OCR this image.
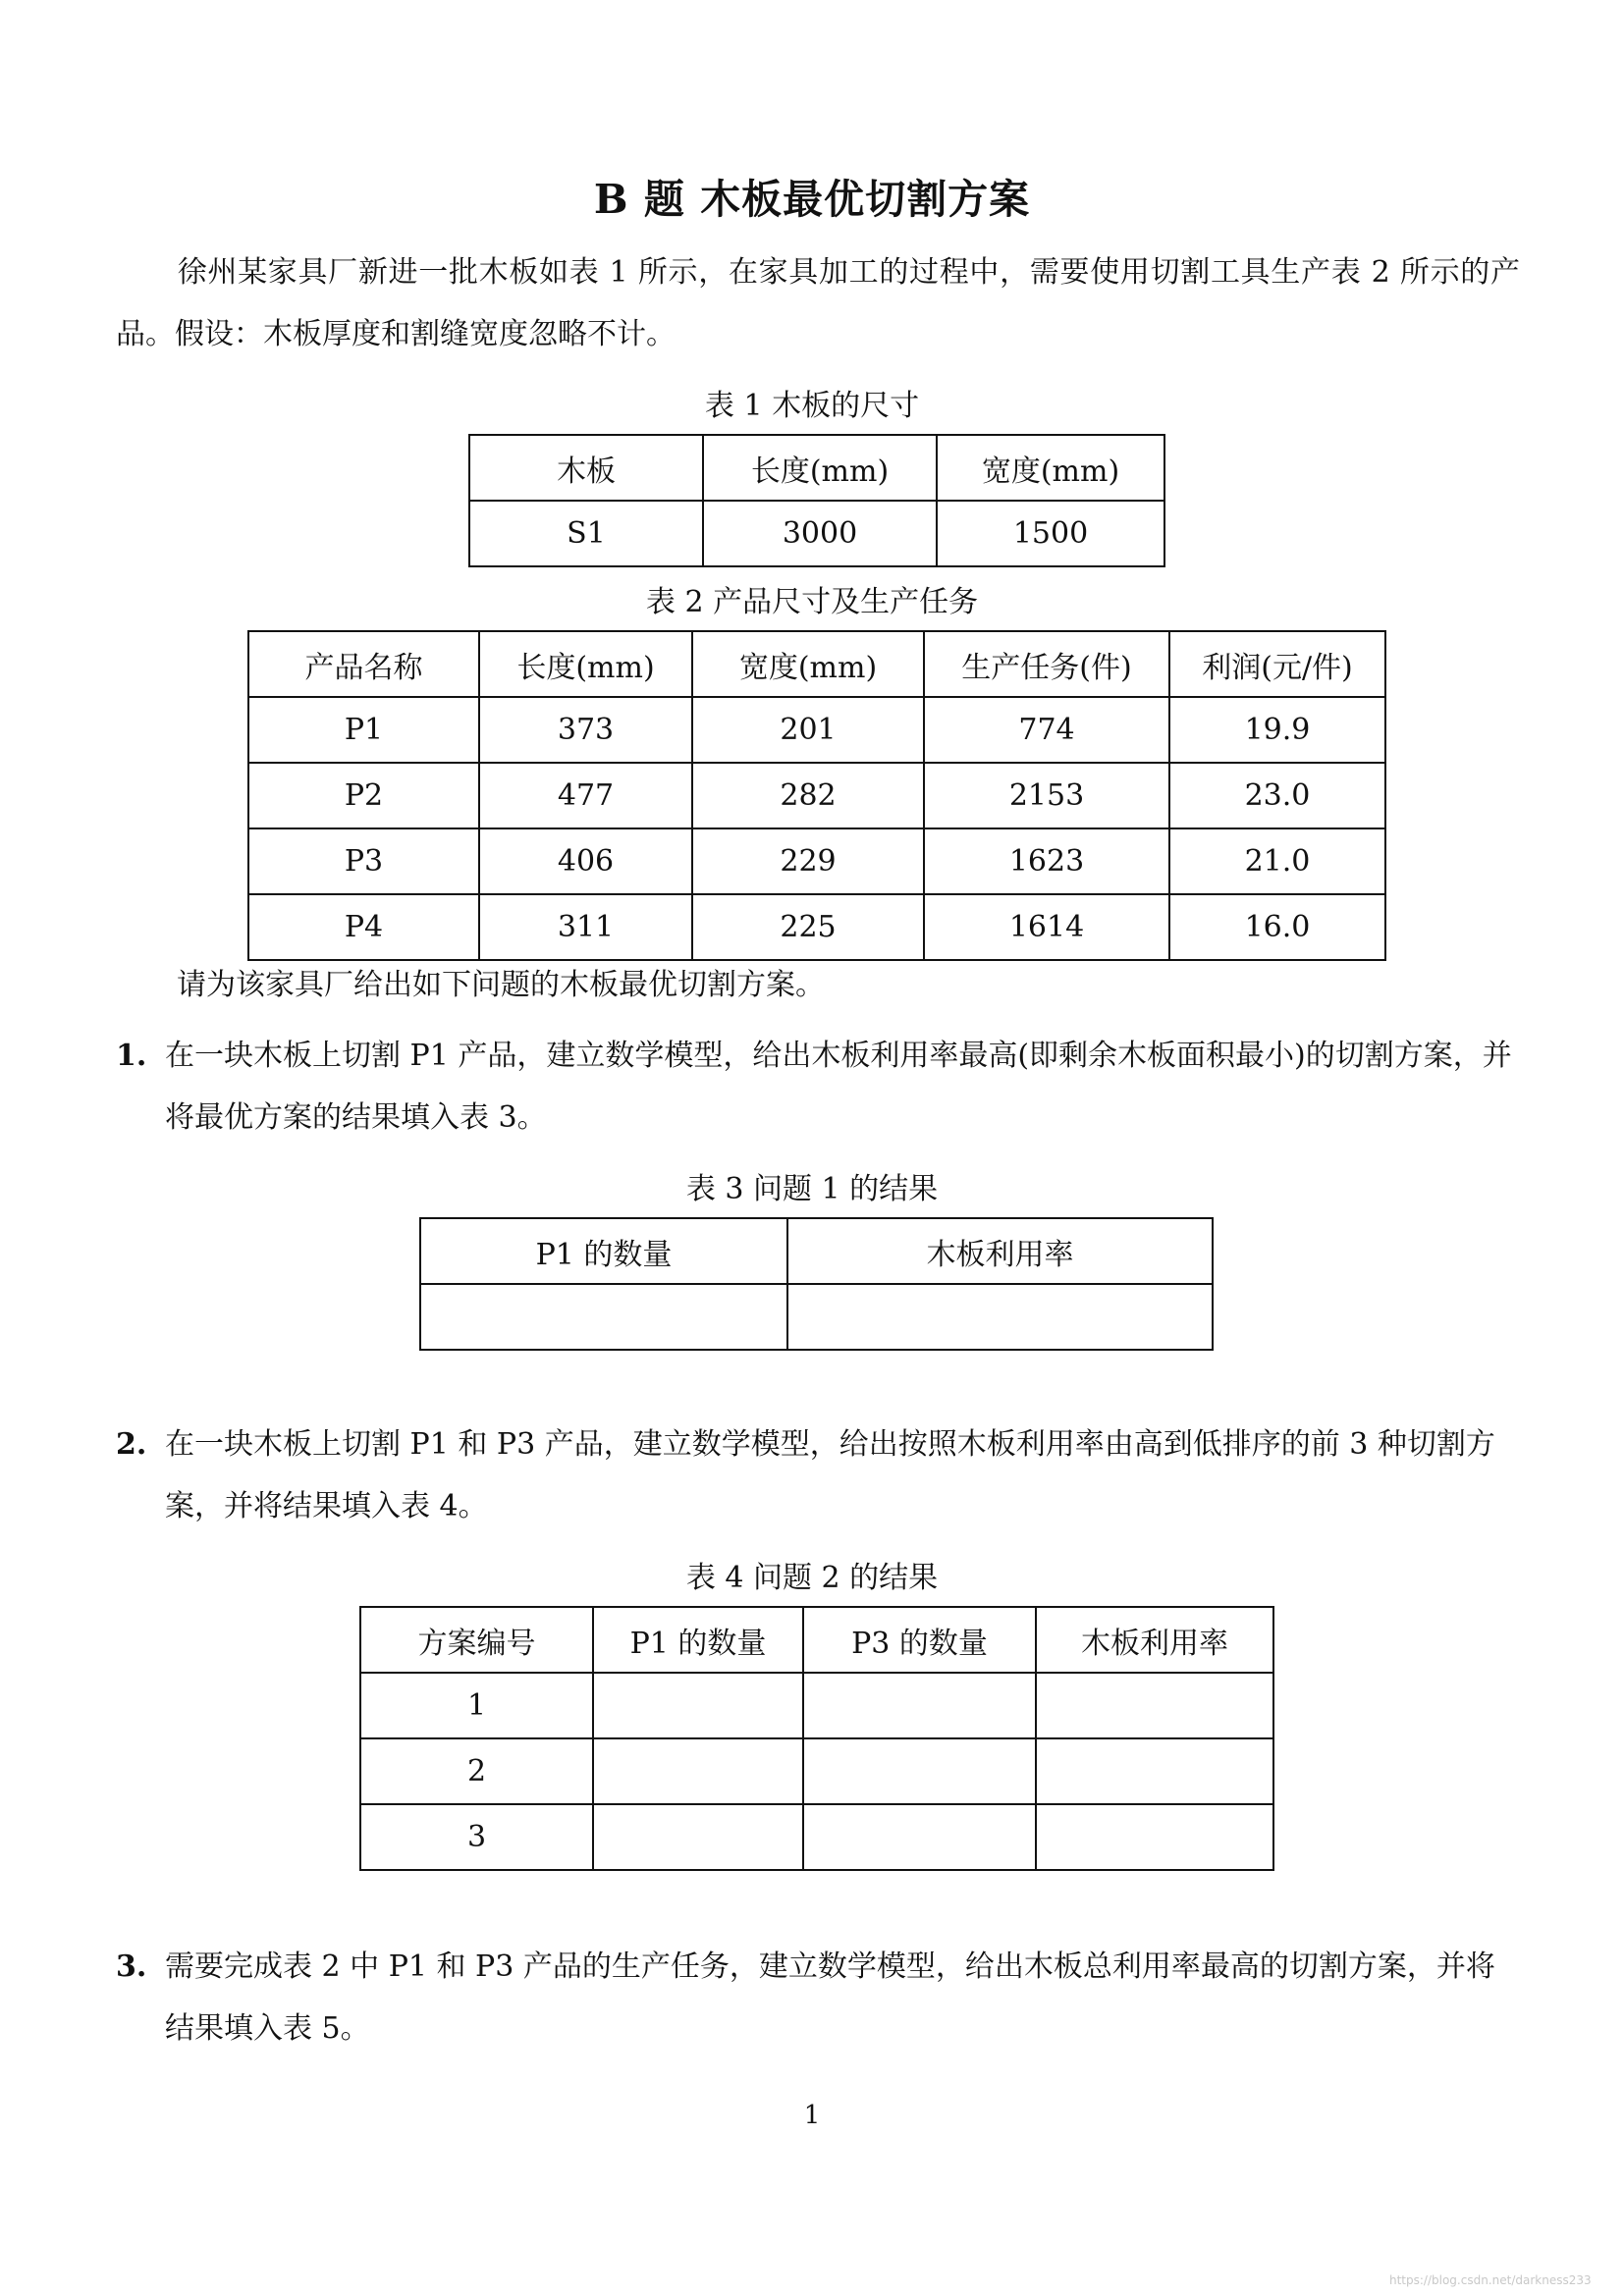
B 题 木板最优切割方案
徐州某家具厂新进一批木板如表 1 所示，在家具加工的过程中，需要使用切割工具生产表 2 所示的产品。假设：木板厚度和割缝宽度忽略不计。
表 1 木板的尺寸
木板	长度(mm)	宽度(mm)
S1	3000	1500
表 2 产品尺寸及生产任务
产品名称	长度(mm)	宽度(mm)	生产任务(件)	利润(元/件)
P1	373	201	774	19.9
P2	477	282	2153	23.0
P3	406	229	1623	21.0
P4	311	225	1614	16.0
请为该家具厂给出如下问题的木板最优切割方案。
1. 在一块木板上切割 P1 产品，建立数学模型，给出木板利用率最高(即剩余木板面积最小)的切割方案，并将最优方案的结果填入表 3。
表 3 问题 1 的结果
P1 的数量	木板利用率

2. 在一块木板上切割 P1 和 P3 产品，建立数学模型，给出按照木板利用率由高到低排序的前 3 种切割方案，并将结果填入表 4。
表 4 问题 2 的结果
方案编号	P1 的数量	P3 的数量	木板利用率
1			
2			
3			
3. 需要完成表 2 中 P1 和 P3 产品的生产任务，建立数学模型，给出木板总利用率最高的切割方案，并将结果填入表 5。
1
https://blog.csdn.net/darkness233
